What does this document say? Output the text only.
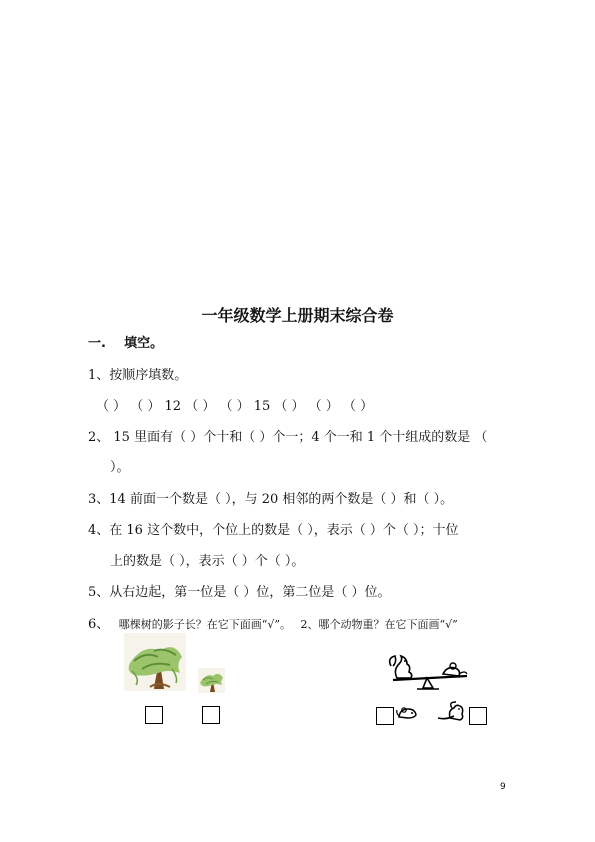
一年级数学上册期末综合卷
一. 填空。
1、按顺序填数。
（ ） （ ） 12 （ ） （ ） 15 （ ） （ ） （ ）
2、 15 里面有（ ）个十和（ ）个一；4 个一和 1 个十组成的数是 （
）。
3、14 前面一个数是（ ），与 20 相邻的两个数是（ ）和（ ）。
4、在 16 这个数中，个位上的数是（ ），表示（ ）个（ ）；十位
上的数是（ ），表示（ ）个（ ）。
5、从右边起，第一位是（ ）位，第二位是（ ）位。
6、 哪棵树的影子长？在它下面画“√”。 2、哪个动物重？在它下面画“√”
9
